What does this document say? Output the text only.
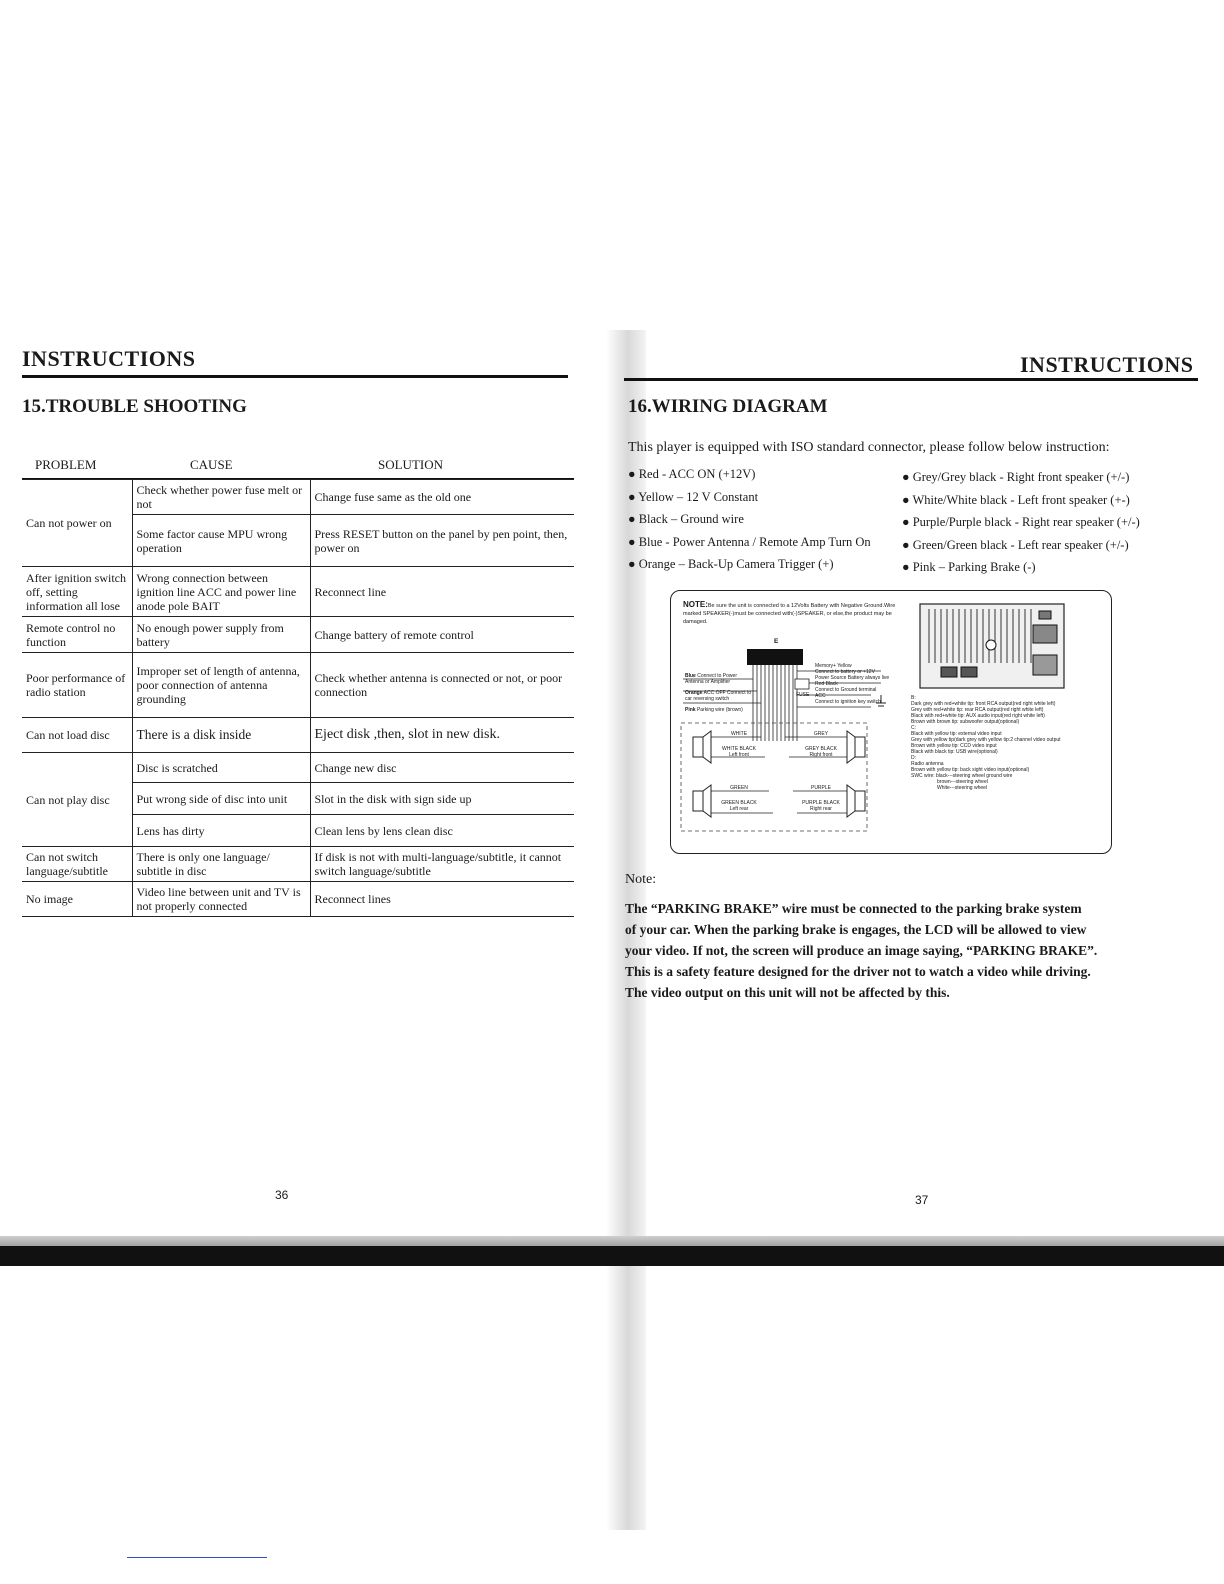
INSTRUCTIONS
15.TROUBLE SHOOTING
PROBLEM	CAUSE	SOLUTION
Can not power on	Check whether power fuse melt or not	Change fuse same as the old one
	Some factor cause MPU wrong operation	Press RESET button on the panel by pen point, then, power on
After ignition switch off, setting information all lose	Wrong connection between ignition line ACC and power line anode pole BAIT	Reconnect line
Remote control no function	No enough power supply from battery	Change battery of remote control
Poor performance of radio station	Improper set of length of antenna, poor connection of antenna grounding	Check whether antenna is connected or not, or poor connection
Can not load disc	There is a disk inside	Eject disk ,then, slot in new disk.
Can not play disc	Disc is scratched	Change new disc
	Put wrong side of disc into unit	Slot in the disk with sign side up
	Lens has dirty	Clean lens by lens clean disc
Can not switch language/subtitle	There is only one language/ subtitle in disc	If disk is not with multi-language/subtitle, it cannot switch language/subtitle
No image	Video line between unit and TV is not properly connected	Reconnect lines
36
INSTRUCTIONS
16.WIRING DIAGRAM
This player is equipped with ISO standard connector, please follow below instruction:
● Red - ACC ON (+12V)
● Yellow – 12 V Constant
● Black – Ground wire
● Blue - Power Antenna / Remote Amp Turn On
● Orange – Back-Up Camera Trigger (+)
● Grey/Grey black - Right front speaker (+/-)
● White/White black - Left front speaker (+-)
● Purple/Purple black - Right rear speaker (+/-)
● Green/Green black - Left rear speaker (+/-)
● Pink – Parking Brake (-)
NOTE:Be sure the unit is connected to a 12Volts Battery with Negative Ground.Wire marked SPEAKER(-)must be connected with(-)SPEAKER, or else,the product may be damaged.
E
Blue Connect to Power Antenna or Amplifier
Orange ACC OFF Connect to car reversing switch
Pink Parking wire (brown)
Memory+ Yellow
Connect to battery or +12V
Power Source Battery always live
Red Black
Connect to Ground terminal
ACC
Connect to ignition key switch
FUSE
WHITE
WHITE BLACK
Left front
GREEN
GREEN BLACK
Left rear
GREY
GREY BLACK
Right front
PURPLE
PURPLE BLACK
Right rear
B:
Dark grey with red+white tip: front RCA output(red right white left)
Grey with red+white tip: rear RCA output(red right white left)
Black with red+white tip: AUX audio input(red right white left)
Brown with brown tip: subwoofer output(optional)
C:
Black with yellow tip: external video input
Grey with yellow tip(dark grey with yellow tip:2 channel video output
Brown with yellow tip: CCD video input
Black with black tip: USB wire(optional)
D:
Radio antenna
Brown with yellow tip: back sight video input(optional)
SWC wire: black---steering wheel ground wire
brown---steering wheel
White---steering wheel
Note:
The “PARKING BRAKE” wire must be connected to the parking brake system
of your car. When the parking brake is engages, the LCD will be allowed to view
your video. If not, the screen will produce an image saying, “PARKING BRAKE”.
This is a safety feature designed for the driver not to watch a video while driving.
The video output on this unit will not be affected by this.
37
